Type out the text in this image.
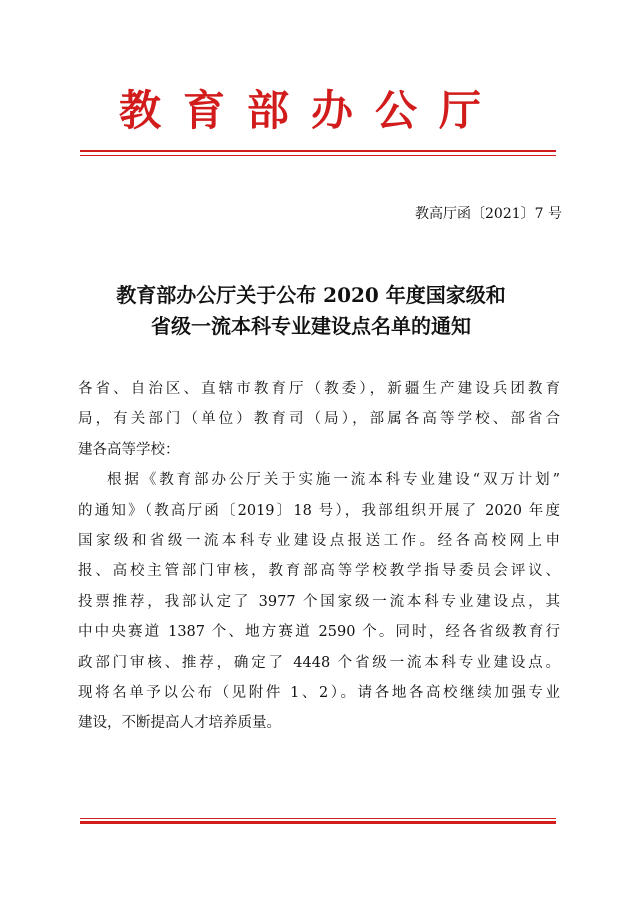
教育部办公厅
教高厅函〔2021〕7 号
教育部办公厅关于公布 2020 年度国家级和
省级一流本科专业建设点名单的通知
各省、自治区、直辖市教育厅（教委），新疆生产建设兵团教育
局，有关部门（单位）教育司（局），部属各高等学校、部省合
建各高等学校：
根据《教育部办公厅关于实施一流本科专业建设“双万计划”
的通知》（教高厅函〔2019〕18 号），我部组织开展了 2020 年度
国家级和省级一流本科专业建设点报送工作。经各高校网上申
报、高校主管部门审核，教育部高等学校教学指导委员会评议、
投票推荐，我部认定了 3977 个国家级一流本科专业建设点，其
中中央赛道 1387 个、地方赛道 2590 个。同时，经各省级教育行
政部门审核、推荐，确定了 4448 个省级一流本科专业建设点。
现将名单予以公布（见附件 1、2）。请各地各高校继续加强专业
建设，不断提高人才培养质量。
